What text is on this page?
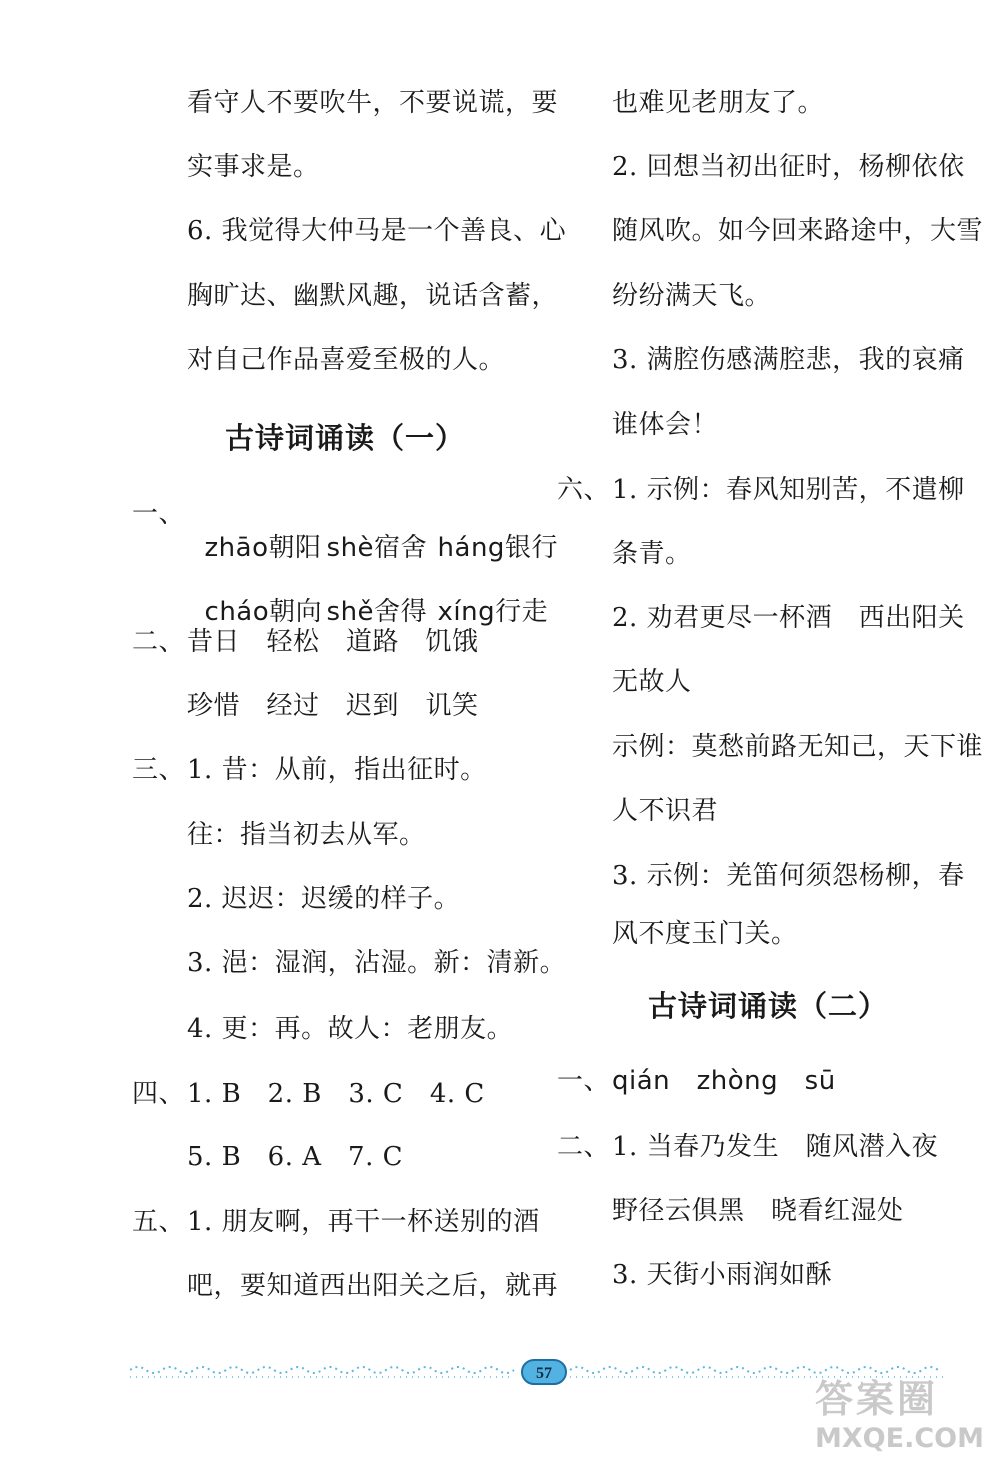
看守人不要吹牛，不要说谎，要
实事求是。
6. 我觉得大仲马是一个善良、心
胸旷达、幽默风趣，说话含蓄，
对自己作品喜爱至极的人。
古诗词诵读（一）
一、

zhāo朝阳 shè宿舍 háng银行

cháo朝向 shě舍得 xíng行走

二、 昔日　轻松　道路　饥饿
珍惜　经过　迟到　讥笑
三、 1. 昔：从前，指出征时。
往：指当初去从军。
2. 迟迟：迟缓的样子。
3. 浥：湿润，沾湿。新：清新。
4. 更：再。故人：老朋友。
四、 1. B　2. B　3. C　4. C
5. B　6. A　7. C
五、 1. 朋友啊，再干一杯送别的酒
吧，要知道西出阳关之后，就再
也难见老朋友了。
2. 回想当初出征时，杨柳依依
随风吹。如今回来路途中，大雪
纷纷满天飞。
3. 满腔伤感满腔悲，我的哀痛
谁体会！
六、 1. 示例：春风知别苦，不遣柳
条青。
2. 劝君更尽一杯酒　西出阳关
无故人
示例：莫愁前路无知己，天下谁
人不识君
3. 示例：羌笛何须怨杨柳，春
风不度玉门关。
古诗词诵读（二）
一、 qián　zhòng　sū
二、 1. 当春乃发生　随风潜入夜
野径云俱黑　晓看红湿处
3. 天街小雨润如酥
57
答案圈
MXQE.COM
